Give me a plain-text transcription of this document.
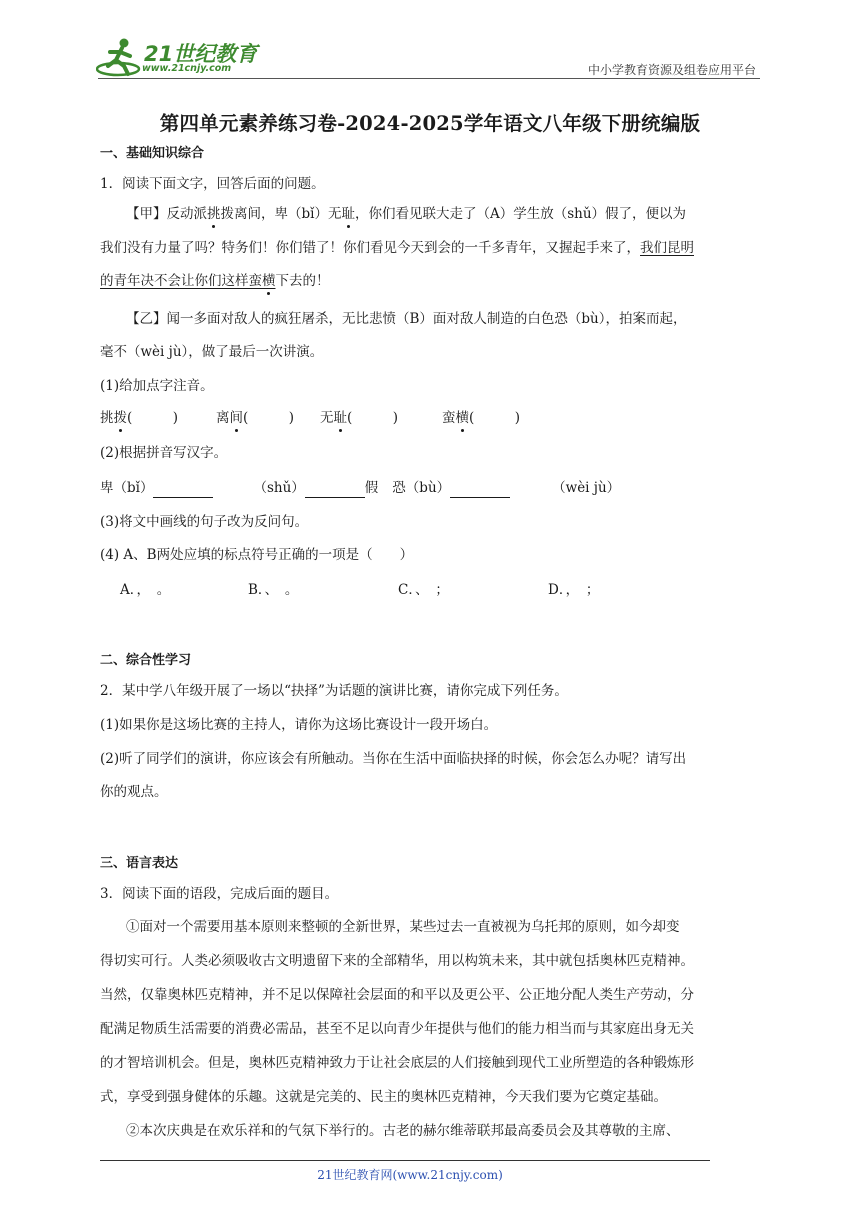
21世纪教育
www.21cnjy.com	中小学教育资源及组卷应用平台
第四单元素养练习卷-2024-2025学年语文八年级下册统编版
一、基础知识综合
1．阅读下面文字，回答后面的问题。
【甲】反动派挑拨离间，卑（bǐ）无耻，你们看见联大走了（A）学生放（shǔ）假了，便以为
我们没有力量了吗？特务们！你们错了！你们看见今天到会的一千多青年，又握起手来了，我们昆明
的青年决不会让你们这样蛮横下去的！
【乙】闻一多面对敌人的疯狂屠杀，无比悲愤（B）面对敌人制造的白色恐（bù），拍案而起，
毫不（wèi jù），做了最后一次讲演。
(1)给加点字注音。
挑拨(　　　)	离间(　　　) 无耻(　　　)	蛮横(　　　)
(2)根据拼音写汉字。
卑（bǐ）	（shǔ）	假 恐（bù）	（wèi jù）
(3)将文中画线的句子改为反问句。
(4) A、B两处应填的标点符号正确的一项是（　　）
A．，　。	B．、　。	C．、　；	D．，　；
二、综合性学习
2．某中学八年级开展了一场以“抉择”为话题的演讲比赛，请你完成下列任务。
(1)如果你是这场比赛的主持人，请你为这场比赛设计一段开场白。
(2)听了同学们的演讲，你应该会有所触动。当你在生活中面临抉择的时候，你会怎么办呢？请写出
你的观点。
三、语言表达
3．阅读下面的语段，完成后面的题目。
①面对一个需要用基本原则来整顿的全新世界，某些过去一直被视为乌托邦的原则，如今却变
得切实可行。人类必须吸收古文明遗留下来的全部精华，用以构筑未来，其中就包括奥林匹克精神。
当然，仅靠奥林匹克精神，并不足以保障社会层面的和平以及更公平、公正地分配人类生产劳动，分
配满足物质生活需要的消费必需品，甚至不足以向青少年提供与他们的能力相当而与其家庭出身无关
的才智培训机会。但是，奥林匹克精神致力于让社会底层的人们接触到现代工业所塑造的各种锻炼形
式，享受到强身健体的乐趣。这就是完美的、民主的奥林匹克精神，今天我们要为它奠定基础。
②本次庆典是在欢乐祥和的气氛下举行的。古老的赫尔维蒂联邦最高委员会及其尊敬的主席、
21世纪教育网(www.21cnjy.com)
